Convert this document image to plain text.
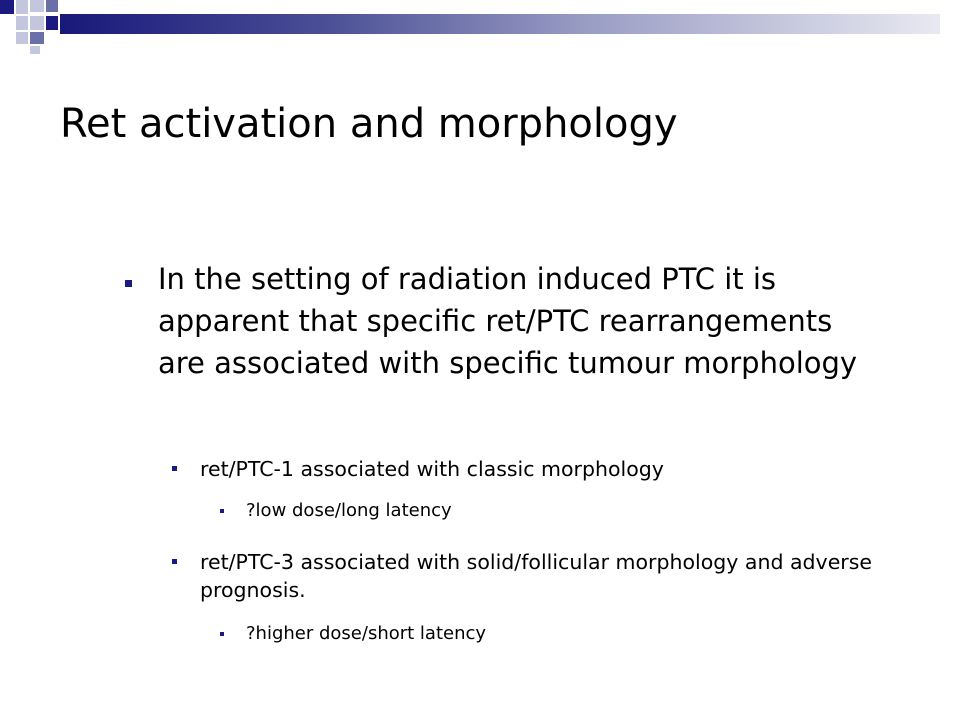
Ret activation and morphology
In the setting of radiation induced PTC it is apparent that specific ret/PTC rearrangements are associated with specific tumour morphology
ret/PTC-1 associated with classic morphology
?low dose/long latency
ret/PTC-3 associated with solid/follicular morphology and adverse prognosis.
?higher dose/short latency
